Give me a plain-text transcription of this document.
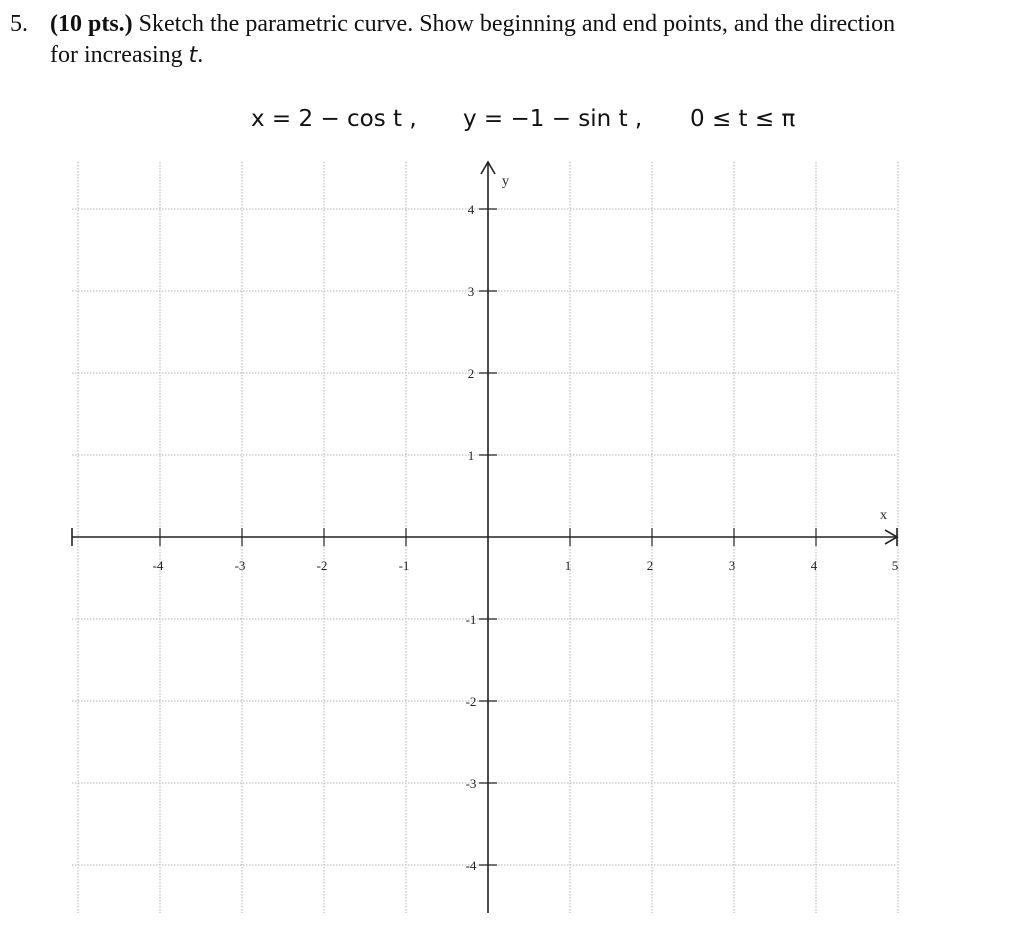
5. (10 pts.) Sketch the parametric curve. Show beginning and end points, and the direction
for increasing t.
x = 2 − cos t , y = −1 − sin t , 0 ≤ t ≤ π
-4	-3	-2	-1	1	2	3	4	5
4
3
2
1
-1
-2
-3
-4
y
x
